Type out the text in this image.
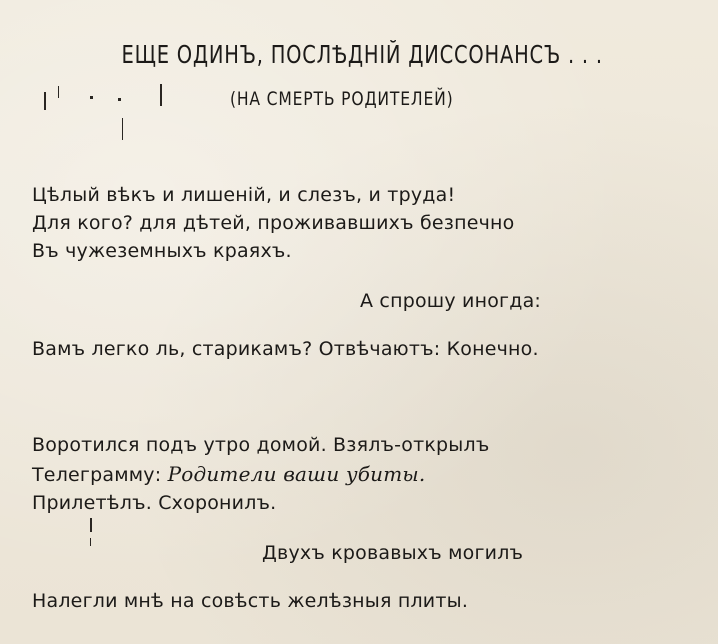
ЕЩЕ ОДИНЪ, ПОСЛѢДНІЙ ДИССОНАНСЪ . . .
(НА СМЕРТЬ РОДИТЕЛЕЙ)
Цѣлый вѣкъ и лишеній, и слезъ, и труда!
Для кого? для дѣтей, проживавшихъ безпечно
Въ чужеземныхъ краяхъ.
А спрошу иногда:
Вамъ легко ль, старикамъ? Отвѣчаютъ: Конечно.
Воротился подъ утро домой. Взялъ-открылъ
Телеграмму: Родители ваши убиты.
Прилетѣлъ. Схоронилъ.
Двухъ кровавыхъ могилъ
Налегли мнѣ на совѣсть желѣзныя плиты.
